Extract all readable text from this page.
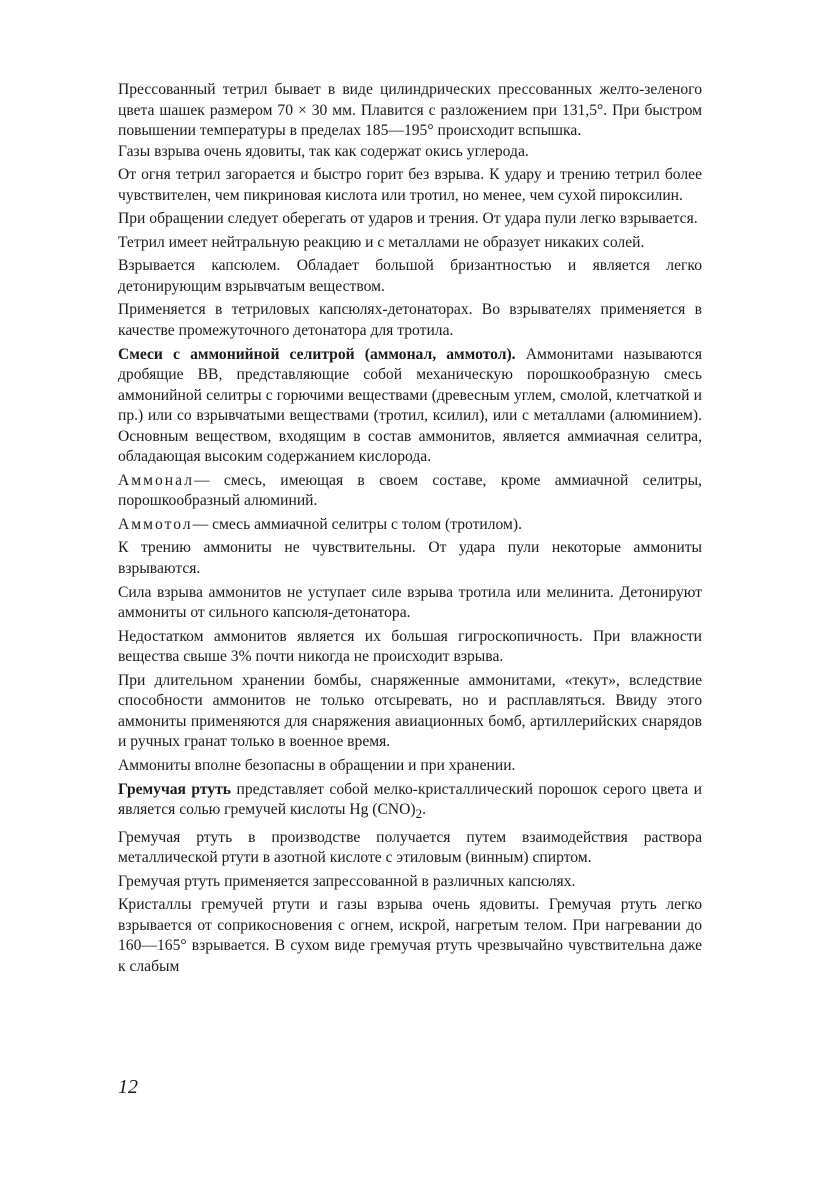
Прессованный тетрил бывает в виде цилиндрических прессованных желто-зеленого цвета шашек размером 70 × 30 мм. Плавится с разложением при 131,5°. При быстром повышении температуры в пределах 185—195° происходит вспышка.

Газы взрыва очень ядовиты, так как содержат окись углерода.

От огня тетрил загорается и быстро горит без взрыва. К удару и трению тетрил более чувствителен, чем пикриновая кислота или тротил, но менее, чем сухой пироксилин.

При обращении следует оберегать от ударов и трения. От удара пули легко взрывается.

Тетрил имеет нейтральную реакцию и с металлами не образует никаких солей.

Взрывается капсюлем. Обладает большой бризантностью и является легко детонирующим взрывчатым веществом.

Применяется в тетриловых капсюлях-детонаторах. Во взрывателях применяется в качестве промежуточного детонатора для тротила.

Смеси с аммонийной селитрой (аммонал, аммотол). Аммонитами называются дробящие ВВ, представляющие собой механическую порошкообразную смесь аммонийной селитры с горючими веществами (древесным углем, смолой, клетчаткой и пр.) или со взрывчатыми веществами (тротил, ксилил), или с металлами (алюминием). Основным веществом, входящим в состав аммонитов, является аммиачная селитра, обладающая высоким содержанием кислорода.

Аммонал— смесь, имеющая в своем составе, кроме аммиачной селитры, порошкообразный алюминий.

Аммотол— смесь аммиачной селитры с толом (тротилом).

К трению аммониты не чувствительны. От удара пули некоторые аммониты взрываются.

Сила взрыва аммонитов не уступает силе взрыва тротила или мелинита. Детонируют аммониты от сильного капсюля-детонатора.

Недостатком аммонитов является их большая гигроскопичность. При влажности вещества свыше 3% почти никогда не происходит взрыва.

При длительном хранении бомбы, снаряженные аммонитами, «текут», вследствие способности аммонитов не только отсыревать, но и расплавляться. Ввиду этого аммониты применяются для снаряжения авиационных бомб, артиллерийских снарядов и ручных гранат только в военное время.

Аммониты вполне безопасны в обращении и при хранении.

Гремучая ртуть представляет собой мелко-кристаллический порошок серого цвета и является солью гремучей кислоты Hg $(CNO)_2$.

Гремучая ртуть в производстве получается путем взаимодействия раствора металлической ртути в азотной кислоте с этиловым (винным) спиртом.

Гремучая ртуть применяется запрессованной в различных капсюлях.

Кристаллы гремучей ртути и газы взрыва очень ядовиты. Гремучая ртуть легко взрывается от соприкосновения с огнем, искрой, нагретым телом. При нагревании до 160—165° взрывается. В сухом виде гремучая ртуть чрезвычайно чувствительна даже к слабым

12
